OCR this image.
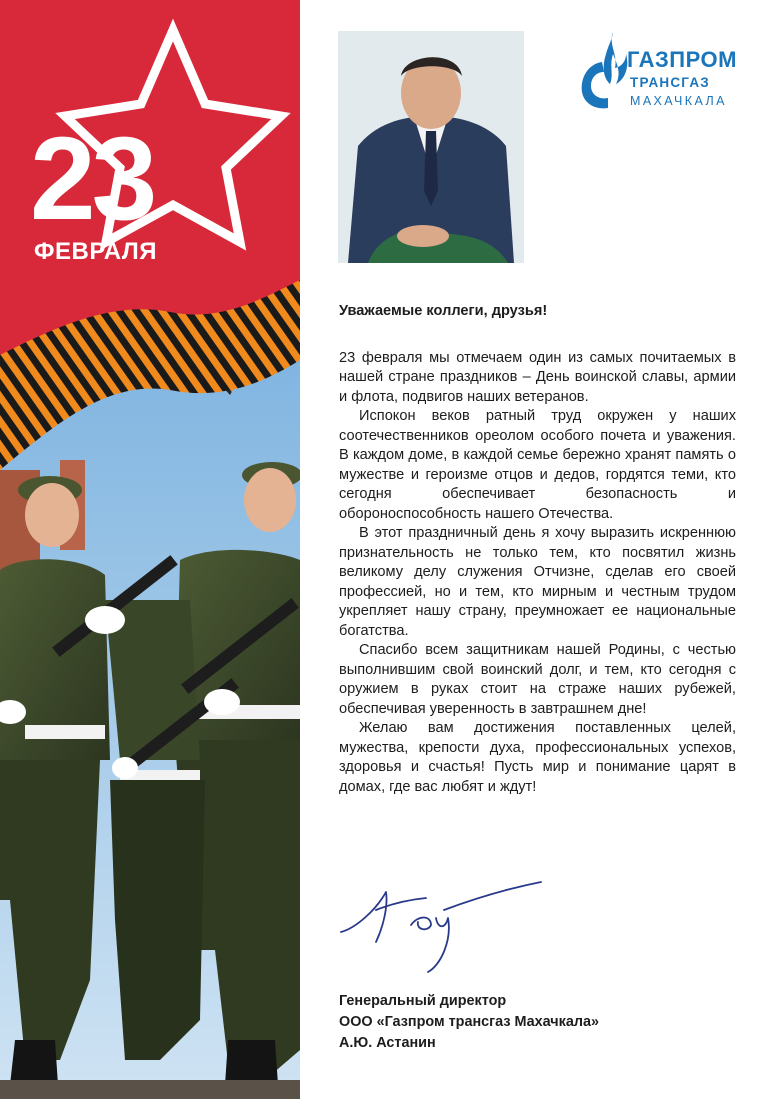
23
ФЕВРАЛЯ
ГАЗПРОМ
ТРАНСГАЗ
МАХАЧКАЛА

Уважаемые коллеги, друзья!

23 февраля мы отмечаем один из самых почитаемых в нашей стране праздников – День воинской славы, армии и флота, подвигов наших ветеранов.

Испокон веков ратный труд окружен у наших соотечественников ореолом особого почета и уважения. В каждом доме, в каждой семье бережно хранят память о мужестве и героизме отцов и дедов, гордятся теми, кто сегодня обеспечивает безопасность и обороноспособность нашего Отечества.

В этот праздничный день я хочу выразить искреннюю признательность не только тем, кто посвятил жизнь великому делу служения Отчизне, сделав его своей профессией, но и тем, кто мирным и честным трудом укрепляет нашу страну, преумножает ее национальные богатства.

Спасибо всем защитникам нашей Родины, с честью выполнившим свой воинский долг, и тем, кто сегодня с оружием в руках стоит на страже наших рубежей, обеспечивая уверенность в завтрашнем дне!

Желаю вам достижения поставленных целей, мужества, крепости духа, профессиональных успехов, здоровья и счастья! Пусть мир и понимание царят в домах, где вас любят и ждут!

Генеральный директор
ООО «Газпром трансгаз Махачкала»
А.Ю. Астанин
